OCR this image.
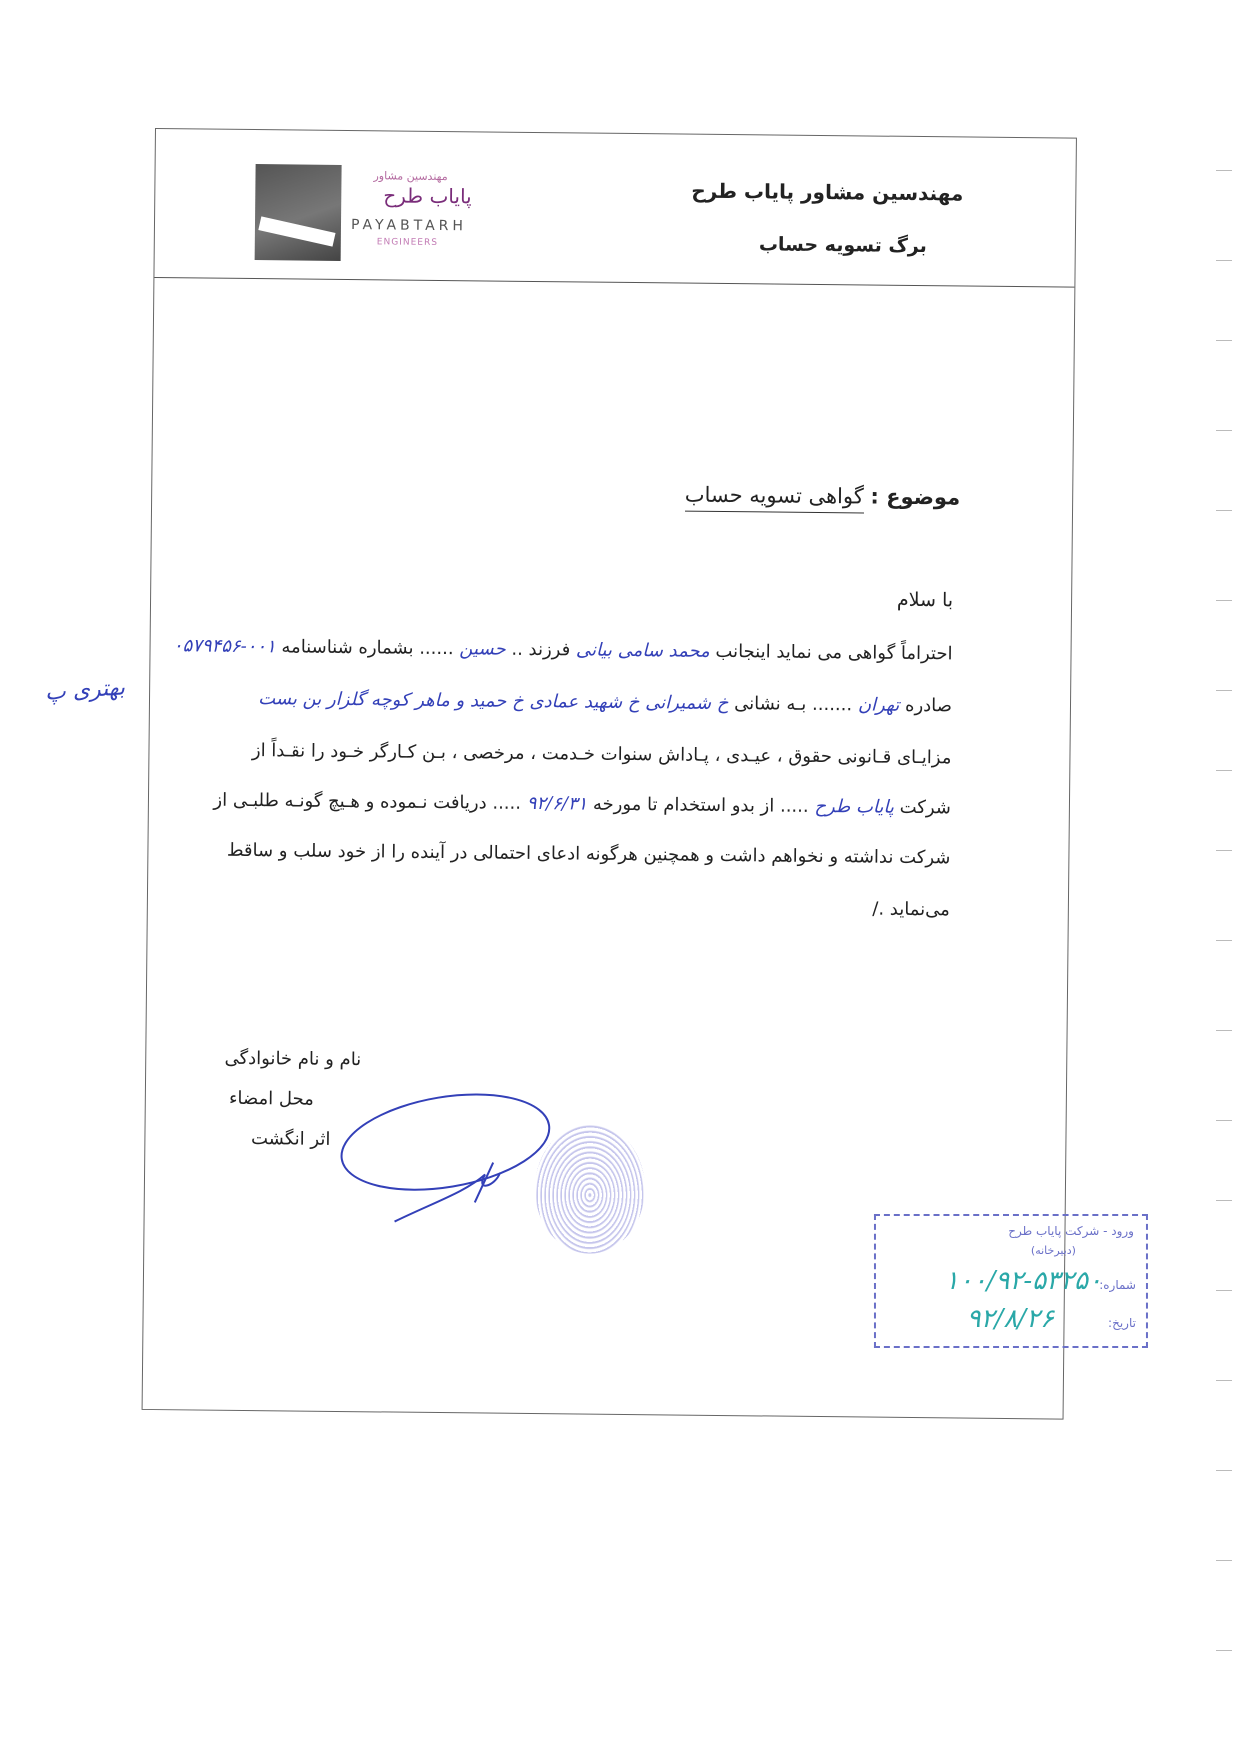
مهندسین مشاور
پایاب طرح
PAYABTARH
ENGINEERS
مهندسین مشاور پایاب طرح
برگ تسویه حساب
موضوع : گواهی تسویه حساب
با سلام
احتراماً گواهی می نماید اینجانب محمد سامی بیانی فرزند .. حسین ...... بشماره شناسنامه ۰۰۱-۰۵۷۹۴۵۶
صادره تهران ....... بـه نشانی خ شمیرانی خ شهید عمادی خ حمید و ماهر کوچه گلزار بن بست
مزایـای قـانونی حقوق ، عیـدی ، پـاداش سنوات خـدمت ، مرخصی ، بـن کـارگر خـود را نقـداً از
شرکت پایاب طرح ..... از بدو استخدام تا مورخه ۹۲/۶/۳۱ ..... دریافت نـموده و هـیچ گونـه طلبـی از
شرکت نداشته و نخواهم داشت و همچنین هرگونه ادعای احتمالی در آینده را از خود سلب و ساقط
می‌نماید ./
نام و نام خانوادگی
محل امضاء
اثر انگشت
ورود - شرکت پایاب طرح
(دبیرخانه)
شماره:
۱۰۰/۹۲-۵۳۲۵۰
تاریخ:
۹۲/۸/۲۶
بهتری پ
